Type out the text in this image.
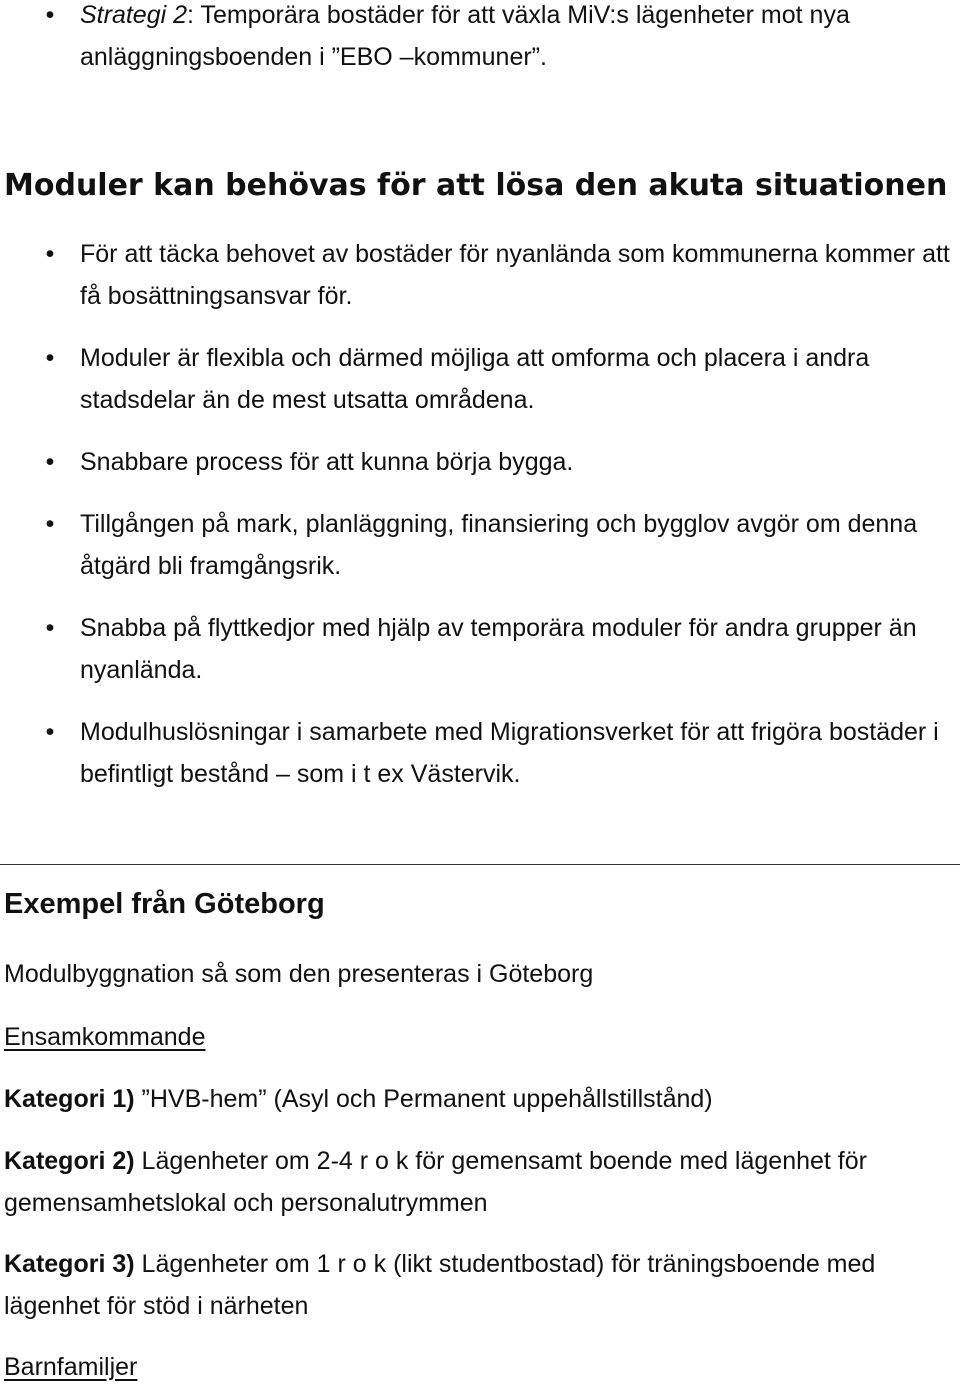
• Strategi 2: Temporära bostäder för att växla MiV:s lägenheter mot nya anläggningsboenden i ”EBO –kommuner”.
Moduler kan behövas för att lösa den akuta situationen
• För att täcka behovet av bostäder för nyanlända som kommunerna kommer att få bosättningsansvar för.
• Moduler är flexibla och därmed möjliga att omforma och placera i andra stadsdelar än de mest utsatta områdena.
• Snabbare process för att kunna börja bygga.
• Tillgången på mark, planläggning, finansiering och bygglov avgör om denna åtgärd bli framgångsrik.
• Snabba på flyttkedjor med hjälp av temporära moduler för andra grupper än nyanlända.
• Modulhuslösningar i samarbete med Migrationsverket för att frigöra bostäder i befintligt bestånd – som i t ex Västervik.
Exempel från Göteborg
Modulbyggnation så som den presenteras i Göteborg
Ensamkommande
Kategori 1) ”HVB-hem” (Asyl och Permanent uppehållstillstånd)
Kategori 2) Lägenheter om 2-4 r o k för gemensamt boende med lägenhet för gemensamhetslokal och personalutrymmen
Kategori 3) Lägenheter om 1 r o k (likt studentbostad) för träningsboende med lägenhet för stöd i närheten
Barnfamiljer
